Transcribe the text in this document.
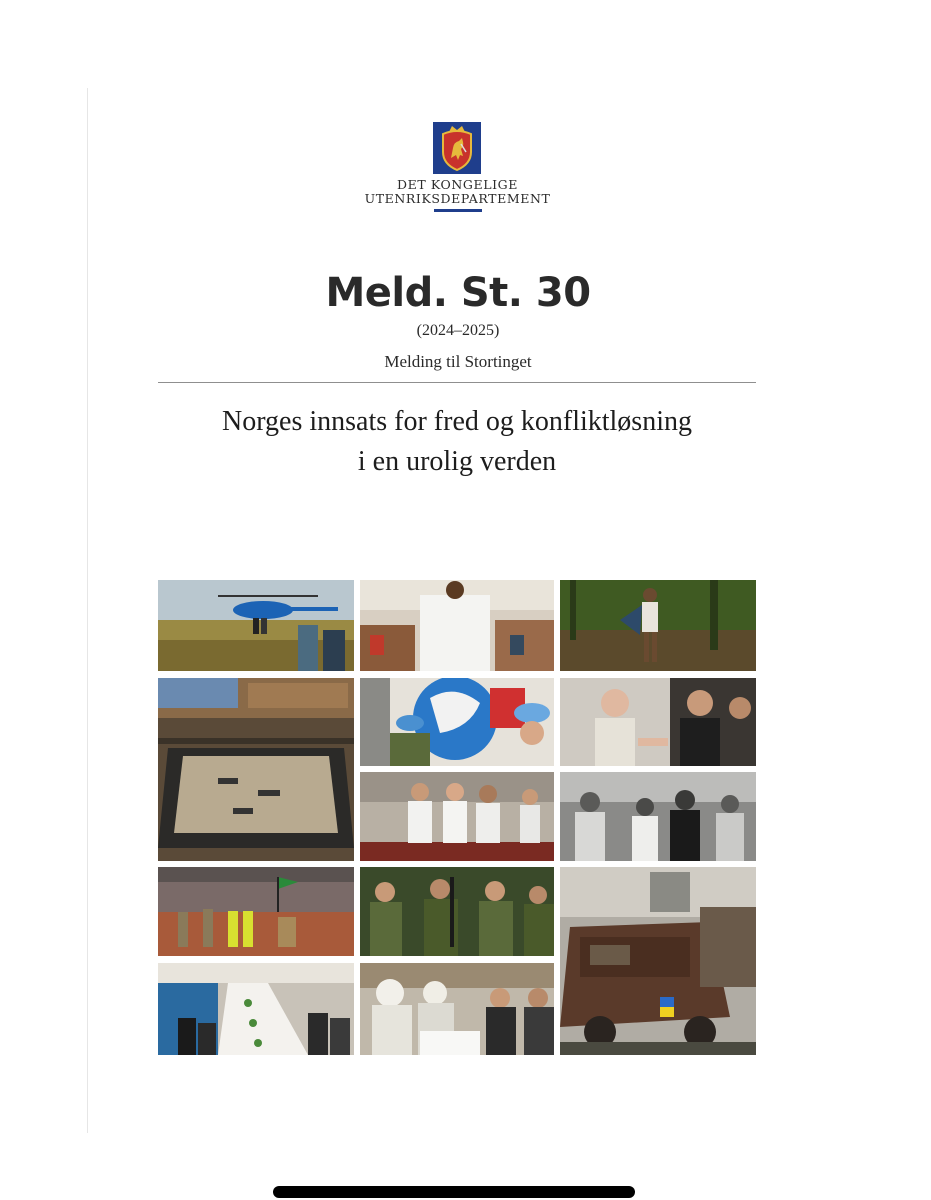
DET KONGELIGE
UTENRIKSDEPARTEMENT
Meld. St. 30
(2024–2025)
Melding til Stortinget
Norges innsats for fred og konfliktløsning
i en urolig verden
